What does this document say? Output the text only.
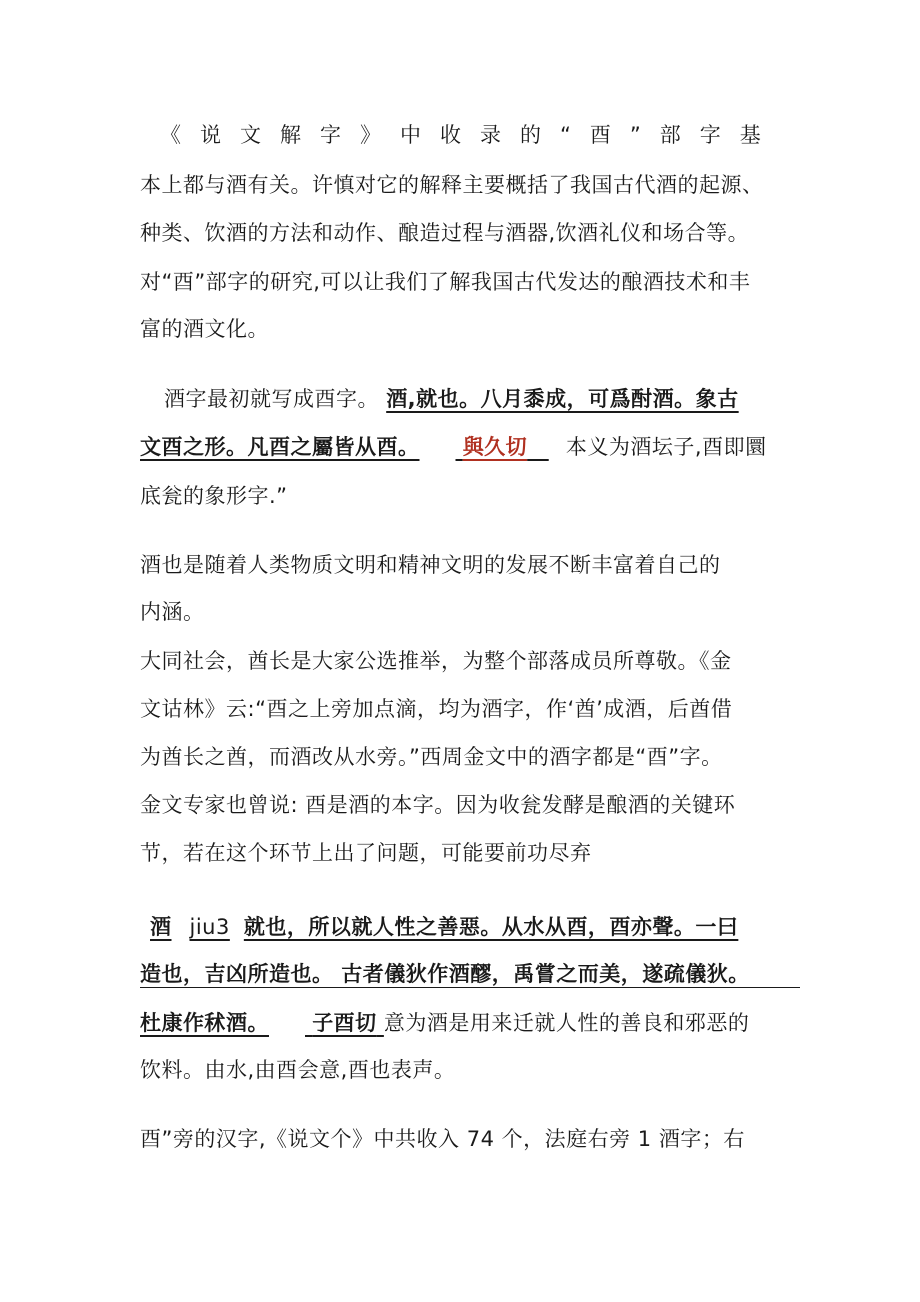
《说文解字》中收录的“酉”部字基
本上都与酒有关。许慎对它的解释主要概括了我国古代酒的起源、
种类、饮酒的方法和动作、酿造过程与酒器,饮酒礼仪和场合等。
对“酉”部字的研究,可以让我们了解我国古代发达的酿酒技术和丰
富的酒文化。
酒字最初就写成酉字。 酒,就也。八月黍成，可爲酎酒。象古
文酉之形。凡酉之屬皆从酉。 與久切 本义为酒坛子,酉即圜
底瓮的象形字.”
酒也是随着人类物质文明和精神文明的发展不断丰富着自己的
内涵。
大同社会，酋长是大家公选推举，为整个部落成员所尊敬。《金
文诂林》云:“酉之上旁加点滴，均为酒字，作‘酋’成酒，后酋借
为酋长之酋，而酒改从水旁。”西周金文中的酒字都是“酉”字。
金文专家也曾说: 酉是酒的本字。因为收瓮发酵是酿酒的关键环
节，若在这个环节上出了问题，可能要前功尽弃
酒 jiu3 就也，所以就人性之善惡。从水从酉，酉亦聲。一曰
造也，吉凶所造也。 古者儀狄作酒醪，禹嘗之而美，遂疏儀狄。
杜康作秫酒。 子酉切 意为酒是用来迁就人性的善良和邪恶的
饮料。由水,由酉会意,酉也表声。
酉”旁的汉字,《说文个》中共收入 74 个，法庭右旁 1 酒字；右
